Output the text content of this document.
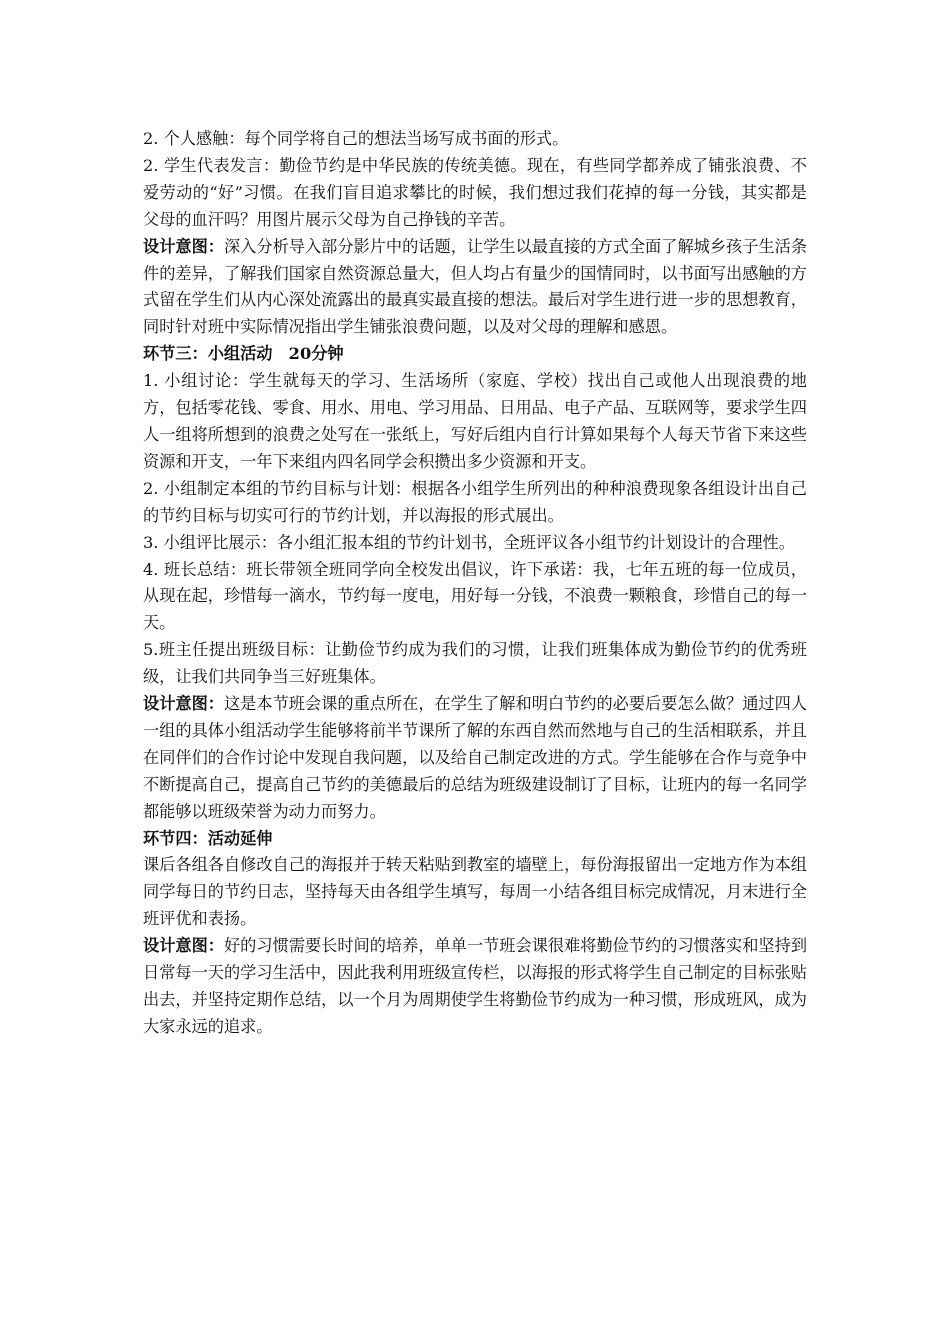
2. 个人感触：每个同学将自己的想法当场写成书面的形式。

2. 学生代表发言：勤俭节约是中华民族的传统美德。现在，有些同学都养成了铺张浪费、不爱劳动的“好”习惯。在我们盲目追求攀比的时候，我们想过我们花掉的每一分钱，其实都是父母的血汗吗？用图片展示父母为自己挣钱的辛苦。

设计意图：深入分析导入部分影片中的话题，让学生以最直接的方式全面了解城乡孩子生活条件的差异，了解我们国家自然资源总量大，但人均占有量少的国情同时，以书面写出感触的方式留在学生们从内心深处流露出的最真实最直接的想法。最后对学生进行进一步的思想教育，同时针对班中实际情况指出学生铺张浪费问题，以及对父母的理解和感恩。

环节三：小组活动　20分钟

1. 小组讨论：学生就每天的学习、生活场所（家庭、学校）找出自己或他人出现浪费的地方，包括零花钱、零食、用水、用电、学习用品、日用品、电子产品、互联网等，要求学生四人一组将所想到的浪费之处写在一张纸上，写好后组内自行计算如果每个人每天节省下来这些资源和开支，一年下来组内四名同学会积攒出多少资源和开支。

2. 小组制定本组的节约目标与计划：根据各小组学生所列出的种种浪费现象各组设计出自己的节约目标与切实可行的节约计划，并以海报的形式展出。

3. 小组评比展示：各小组汇报本组的节约计划书，全班评议各小组节约计划设计的合理性。

4. 班长总结：班长带领全班同学向全校发出倡议，许下承诺：我，七年五班的每一位成员，从现在起，珍惜每一滴水，节约每一度电，用好每一分钱，不浪费一颗粮食，珍惜自己的每一天。

5.班主任提出班级目标：让勤俭节约成为我们的习惯，让我们班集体成为勤俭节约的优秀班级，让我们共同争当三好班集体。

设计意图：这是本节班会课的重点所在，在学生了解和明白节约的必要后要怎么做？通过四人一组的具体小组活动学生能够将前半节课所了解的东西自然而然地与自己的生活相联系，并且在同伴们的合作讨论中发现自我问题，以及给自己制定改进的方式。学生能够在合作与竞争中不断提高自己，提高自己节约的美德最后的总结为班级建设制订了目标，让班内的每一名同学都能够以班级荣誉为动力而努力。

环节四：活动延伸

课后各组各自修改自己的海报并于转天粘贴到教室的墙壁上，每份海报留出一定地方作为本组同学每日的节约日志，坚持每天由各组学生填写，每周一小结各组目标完成情况，月末进行全班评优和表扬。

设计意图：好的习惯需要长时间的培养，单单一节班会课很难将勤俭节约的习惯落实和坚持到日常每一天的学习生活中，因此我利用班级宣传栏，以海报的形式将学生自己制定的目标张贴出去，并坚持定期作总结，以一个月为周期使学生将勤俭节约成为一种习惯，形成班风，成为大家永远的追求。
